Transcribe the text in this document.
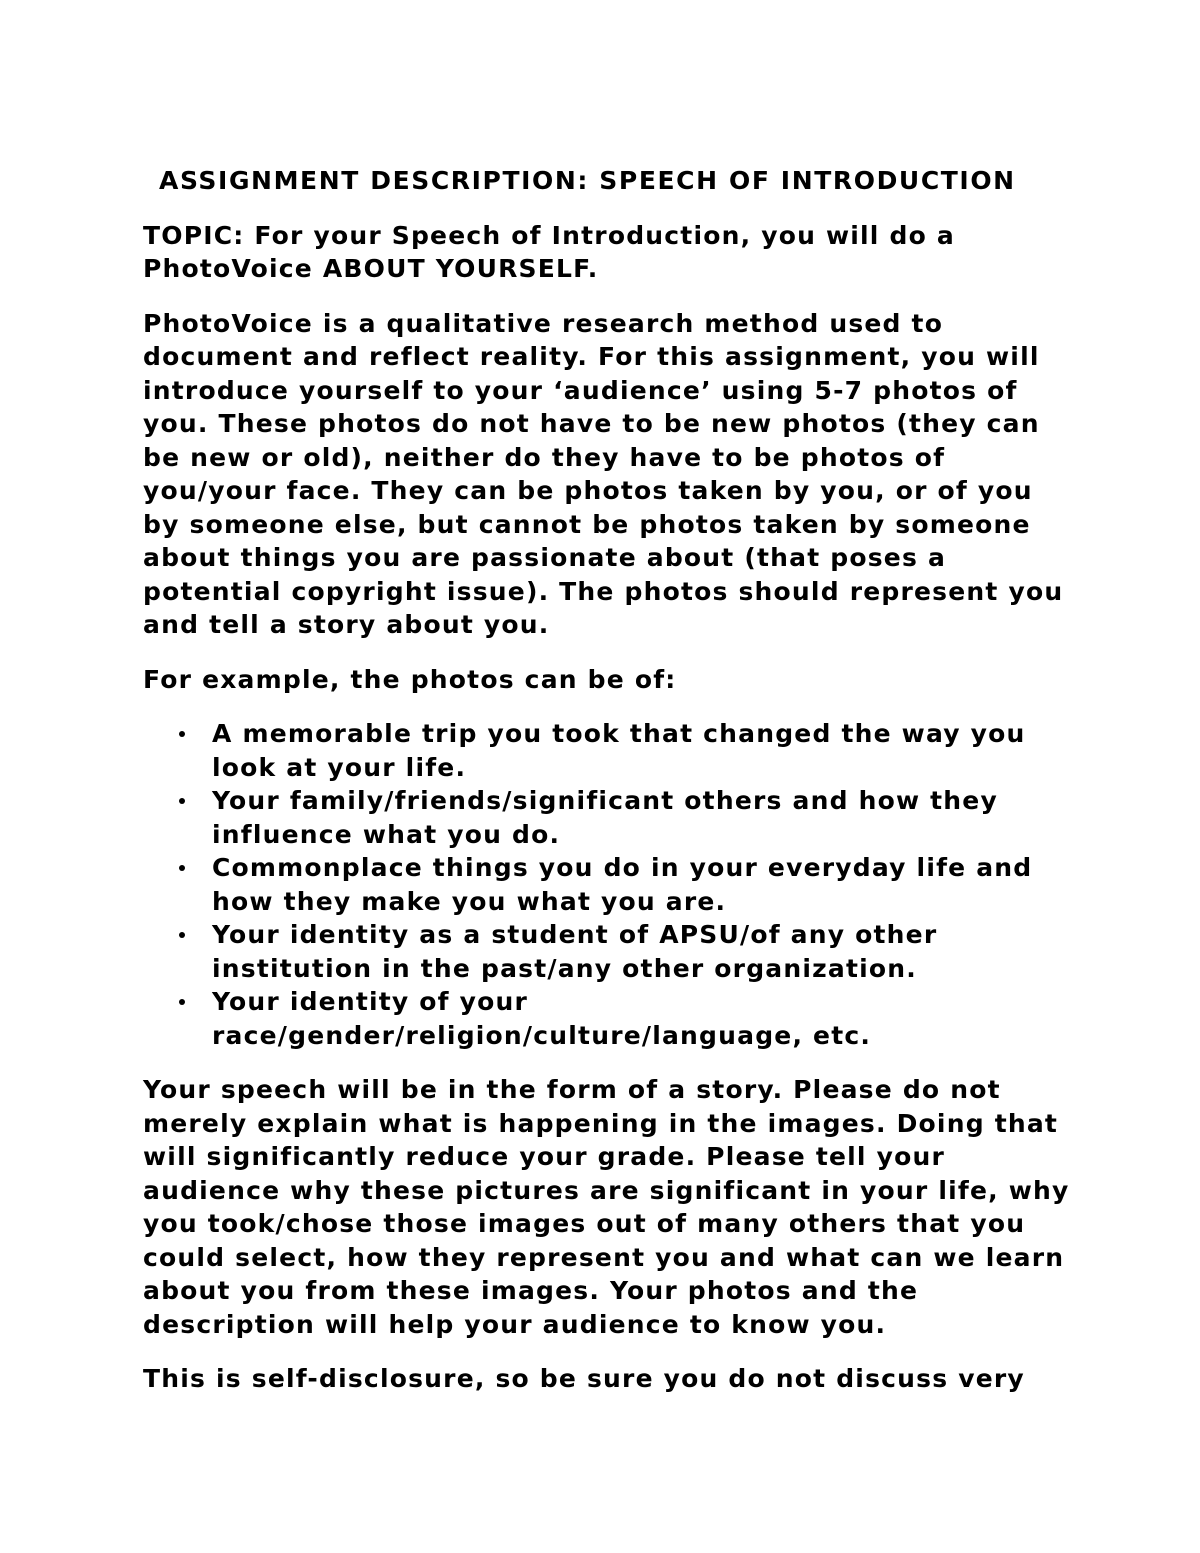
ASSIGNMENT DESCRIPTION: SPEECH OF INTRODUCTION

TOPIC: For your Speech of Introduction, you will do a PhotoVoice ABOUT YOURSELF.

PhotoVoice is a qualitative research method used to document and reflect reality. For this assignment, you will introduce yourself to your ‘audience’ using 5-7 photos of you. These photos do not have to be new photos (they can be new or old), neither do they have to be photos of you/your face. They can be photos taken by you, or of you by someone else, but cannot be photos taken by someone about things you are passionate about (that poses a potential copyright issue). The photos should represent you and tell a story about you.

For example, the photos can be of:

A memorable trip you took that changed the way you look at your life.
Your family/friends/significant others and how they influence what you do.
Commonplace things you do in your everyday life and how they make you what you are.
Your identity as a student of APSU/of any other institution in the past/any other organization.
Your identity of your race/gender/religion/culture/language, etc.

Your speech will be in the form of a story. Please do not merely explain what is happening in the images. Doing that will significantly reduce your grade. Please tell your audience why these pictures are significant in your life, why you took/chose those images out of many others that you could select, how they represent you and what can we learn about you from these images. Your photos and the description will help your audience to know you.

This is self-disclosure, so be sure you do not discuss very
